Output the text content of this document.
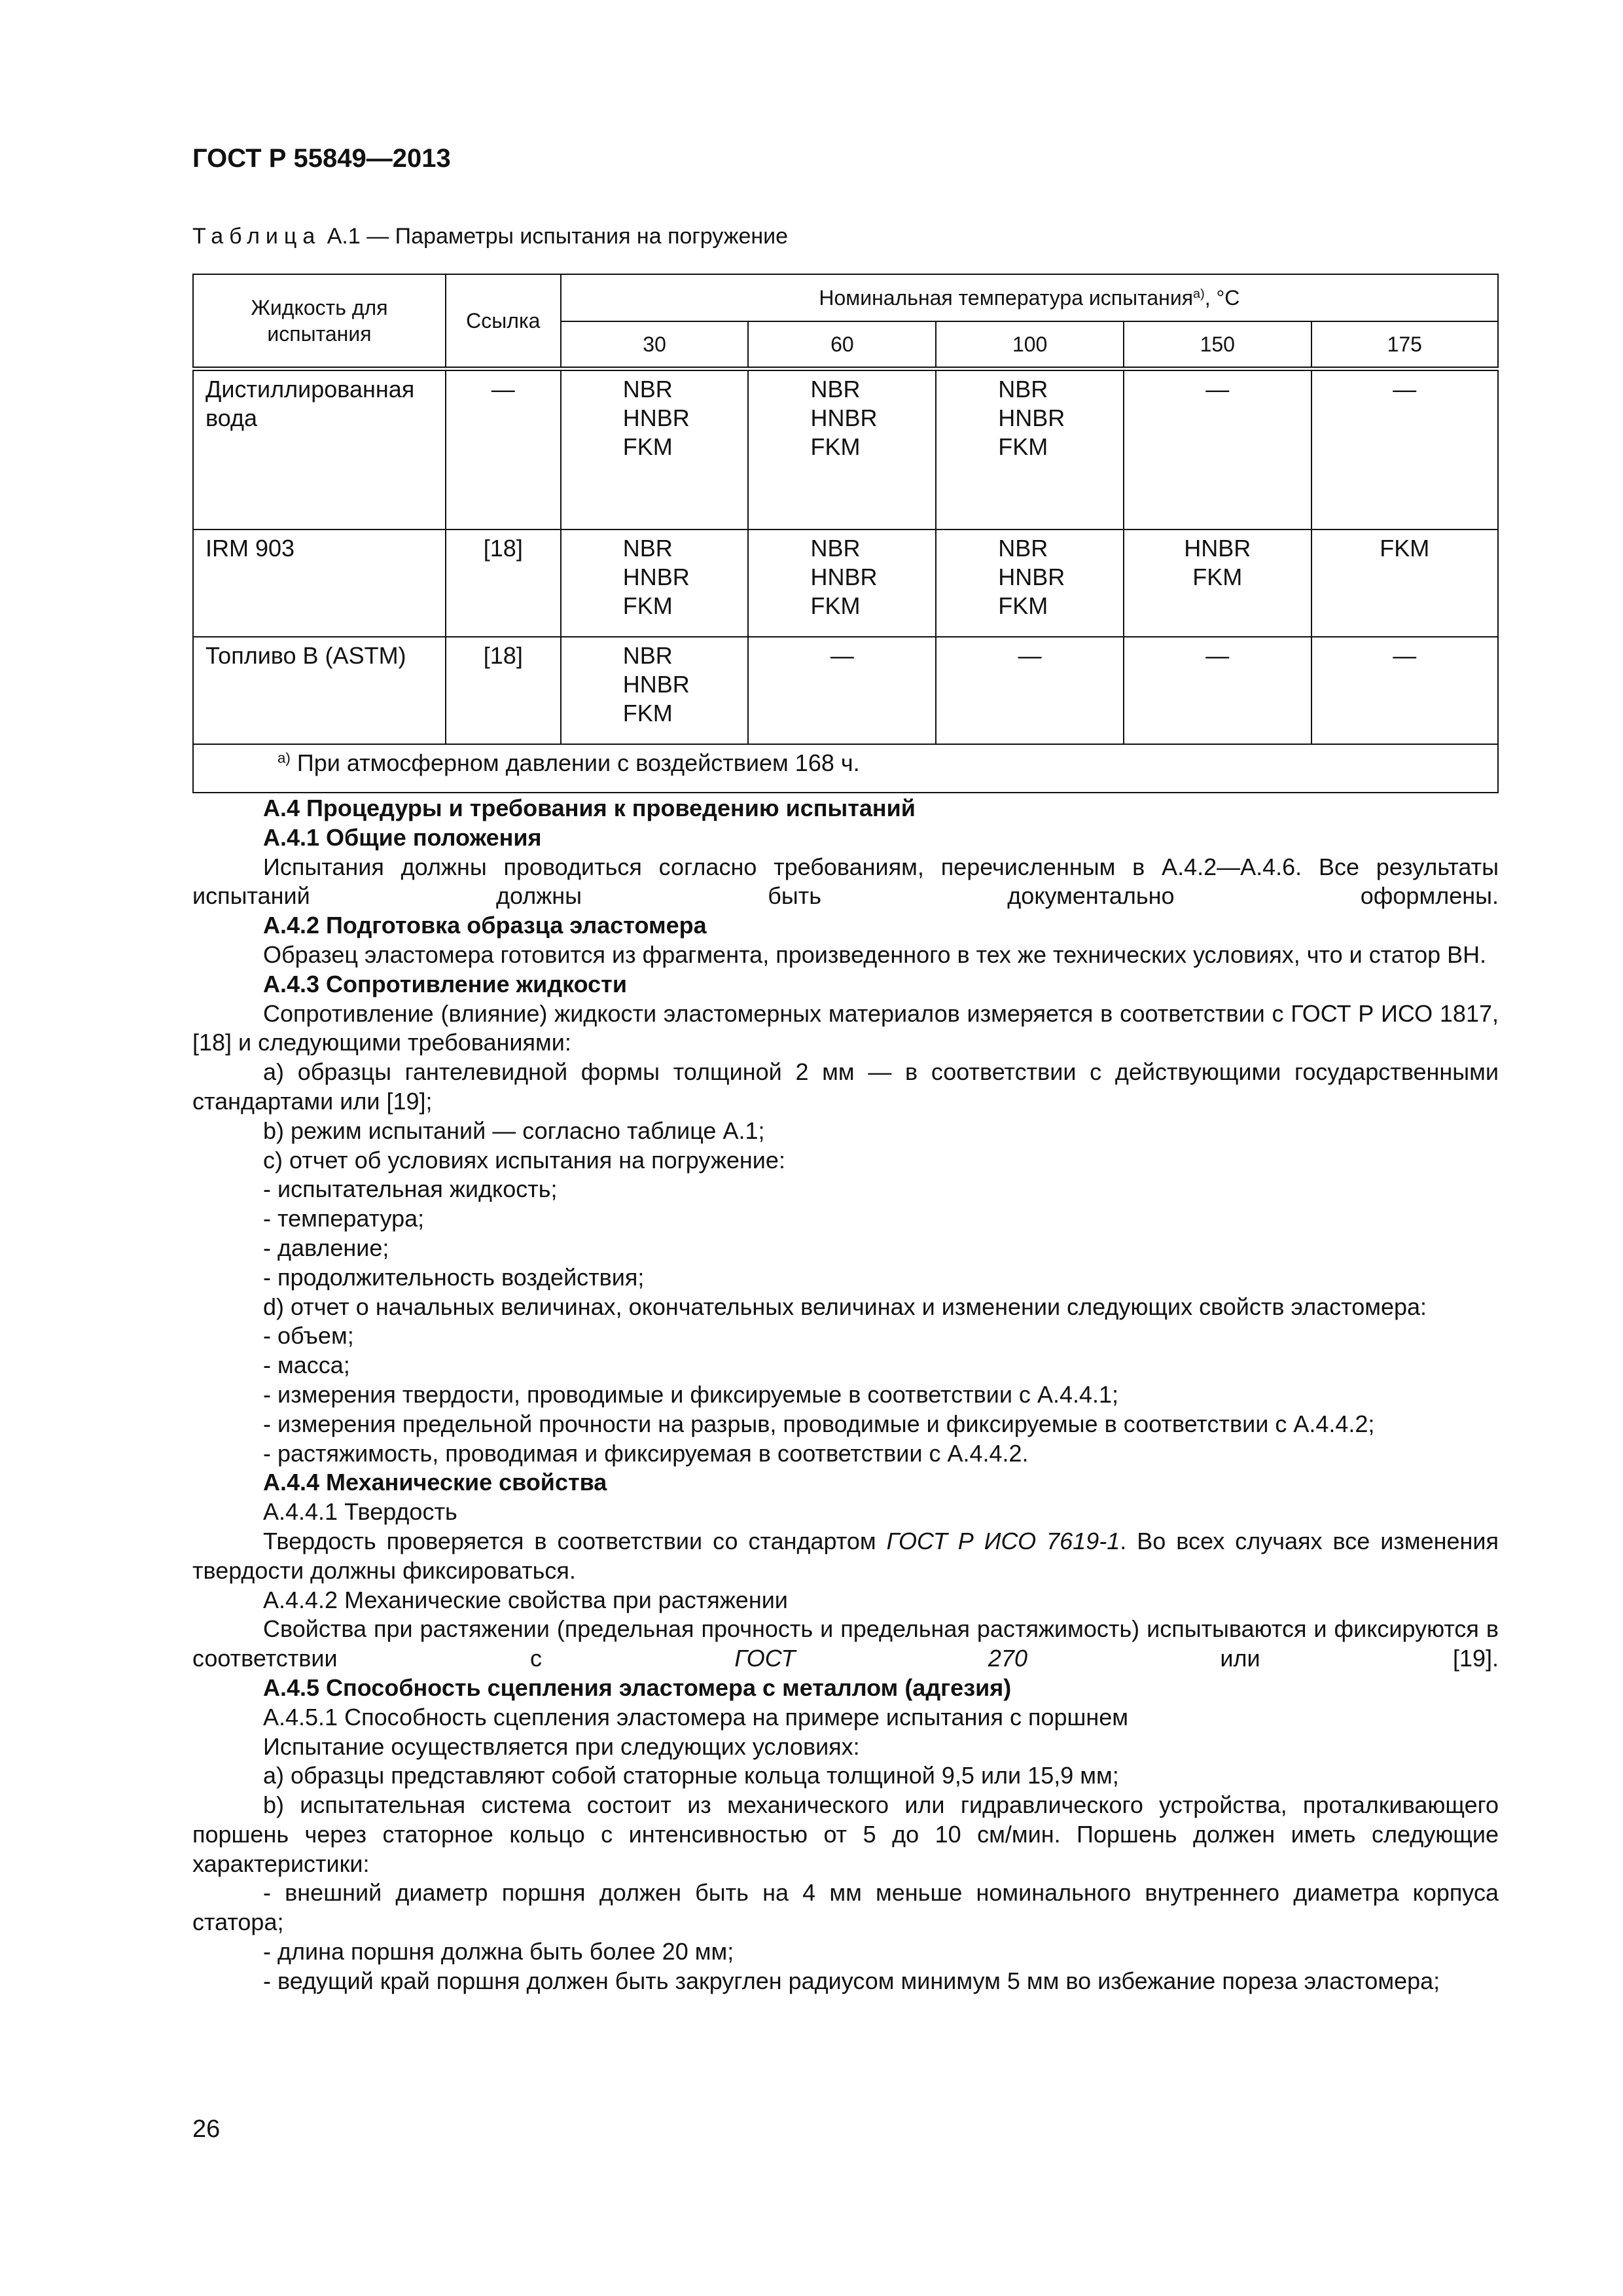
ГОСТ Р 55849—2013
Таблица А.1 — Параметры испытания на погружение
Жидкость для испытания	Ссылка	Номинальная температура испытания$^{a)}$, °С				
		30	60	100	150	175
Дистиллированная вода	—	NBR
HNBR
FKM	NBR
HNBR
FKM	NBR
HNBR
FKM	—	—
IRM 903	[18]	NBR
HNBR
FKM	NBR
HNBR
FKM	NBR
HNBR
FKM	HNBR
FKM	FKM
Топливо B (ASTM)	[18]	NBR
HNBR
FKM	—	—	—	—
$^{a)}$ При атмосферном давлении с воздействием 168 ч.						

А.4 Процедуры и требования к проведению испытаний

А.4.1 Общие положения

Испытания должны проводиться согласно требованиям, перечисленным в А.4.2—А.4.6. Все результаты испытаний должны быть документально оформлены.

А.4.2 Подготовка образца эластомера

Образец эластомера готовится из фрагмента, произведенного в тех же технических условиях, что и статор ВН.

А.4.3 Сопротивление жидкости

Сопротивление (влияние) жидкости эластомерных материалов измеряется в соответствии с ГОСТ Р ИСО 1817, [18] и следующими требованиями:

a) образцы гантелевидной формы толщиной 2 мм — в соответствии с действующими государственными стандартами или [19];

b) режим испытаний — согласно таблице А.1;

c) отчет об условиях испытания на погружение:

- испытательная жидкость;

- температура;

- давление;

- продолжительность воздействия;

d) отчет о начальных величинах, окончательных величинах и изменении следующих свойств эластомера:

- объем;

- масса;

- измерения твердости, проводимые и фиксируемые в соответствии с А.4.4.1;

- измерения предельной прочности на разрыв, проводимые и фиксируемые в соответствии с А.4.4.2;

- растяжимость, проводимая и фиксируемая в соответствии с А.4.4.2.

А.4.4 Механические свойства

А.4.4.1 Твердость

Твердость проверяется в соответствии со стандартом ГОСТ Р ИСО 7619-1. Во всех случаях все изменения твердости должны фиксироваться.

А.4.4.2 Механические свойства при растяжении

Свойства при растяжении (предельная прочность и предельная растяжимость) испытываются и фиксируются в соответствии с ГОСТ 270 или [19].

А.4.5 Способность сцепления эластомера с металлом (адгезия)

А.4.5.1 Способность сцепления эластомера на примере испытания с поршнем

Испытание осуществляется при следующих условиях:

a) образцы представляют собой статорные кольца толщиной 9,5 или 15,9 мм;

b) испытательная система состоит из механического или гидравлического устройства, проталкивающего поршень через статорное кольцо с интенсивностью от 5 до 10 см/мин. Поршень должен иметь следующие характеристики:

- внешний диаметр поршня должен быть на 4 мм меньше номинального внутреннего диаметра корпуса статора;

- длина поршня должна быть более 20 мм;

- ведущий край поршня должен быть закруглен радиусом минимум 5 мм во избежание пореза эластомера;

26
